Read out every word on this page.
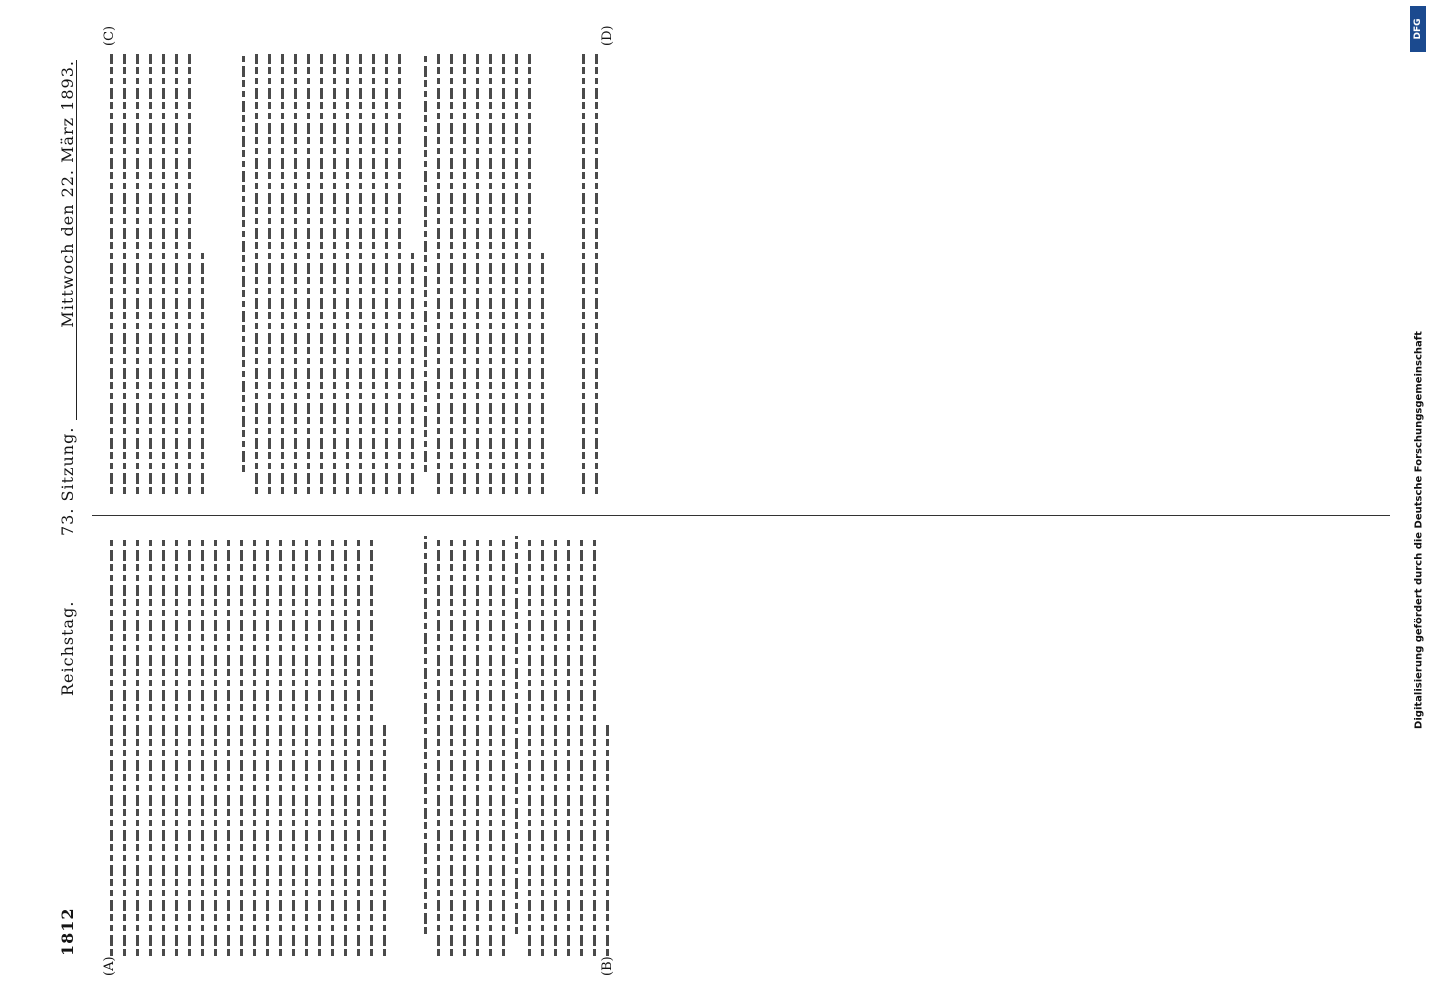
1812
Reichstag.
73. Sitzung.
Mittwoch den 22. März 1893.
(A)	(B)
(C)	(D)	DFG
Digitalisierung gefördert durch die Deutsche Forschungsgemeinschaft
